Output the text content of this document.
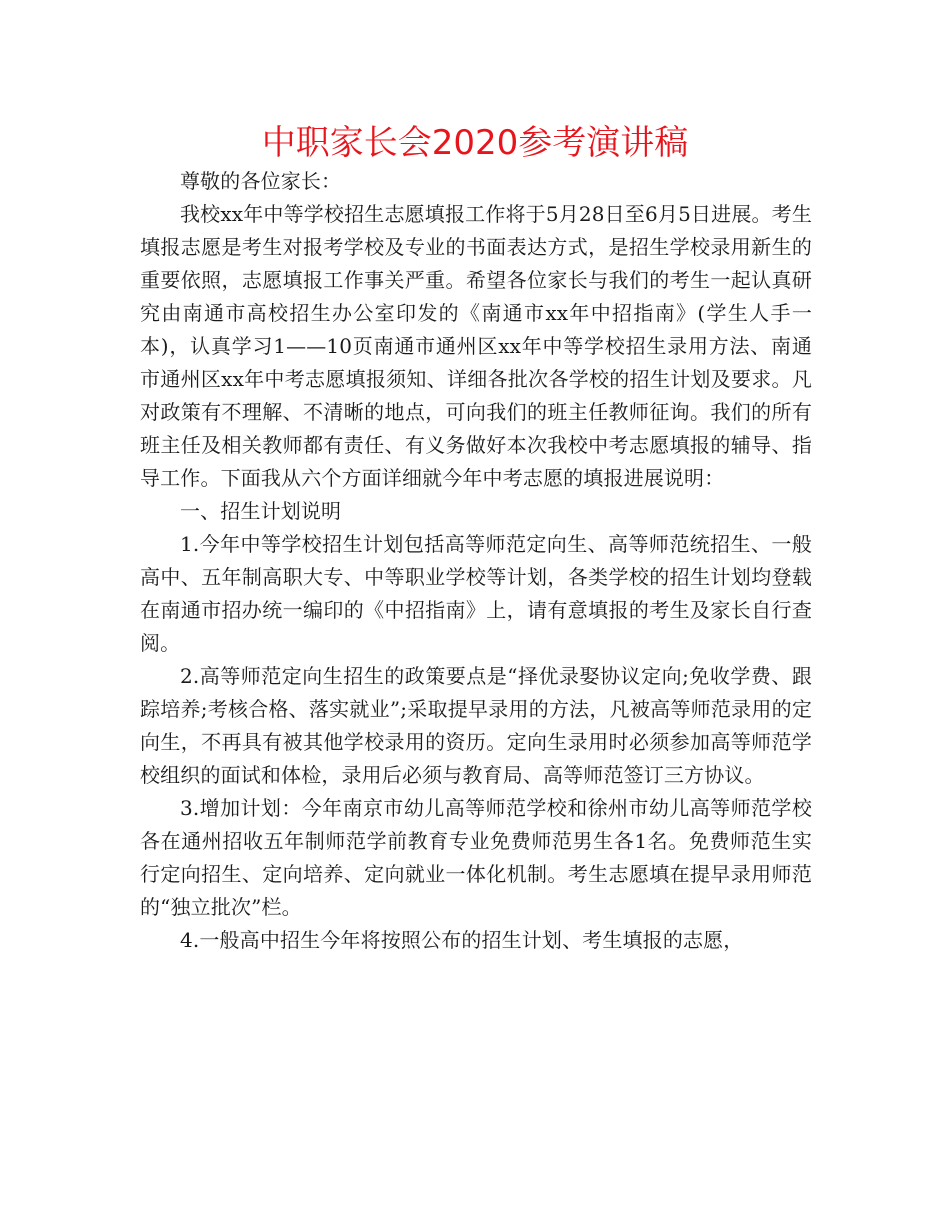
中职家长会2020参考演讲稿

尊敬的各位家长：

我校xx年中等学校招生志愿填报工作将于5月28日至6月5日进展。考生填报志愿是考生对报考学校及专业的书面表达方式，是招生学校录用新生的重要依照，志愿填报工作事关严重。希望各位家长与我们的考生一起认真研究由南通市高校招生办公室印发的《南通市xx年中招指南》(学生人手一本)，认真学习1——10页南通市通州区xx年中等学校招生录用方法、南通市通州区xx年中考志愿填报须知、详细各批次各学校的招生计划及要求。凡对政策有不理解、不清晰的地点，可向我们的班主任教师征询。我们的所有班主任及相关教师都有责任、有义务做好本次我校中考志愿填报的辅导、指导工作。下面我从六个方面详细就今年中考志愿的填报进展说明：

一、招生计划说明

1.今年中等学校招生计划包括高等师范定向生、高等师范统招生、一般高中、五年制高职大专、中等职业学校等计划，各类学校的招生计划均登载在南通市招办统一编印的《中招指南》上，请有意填报的考生及家长自行查阅。

2.高等师范定向生招生的政策要点是“择优录娶协议定向;免收学费、跟踪培养;考核合格、落实就业”;采取提早录用的方法，凡被高等师范录用的定向生，不再具有被其他学校录用的资历。定向生录用时必须参加高等师范学校组织的面试和体检，录用后必须与教育局、高等师范签订三方协议。

3.增加计划：今年南京市幼儿高等师范学校和徐州市幼儿高等师范学校各在通州招收五年制师范学前教育专业免费师范男生各1名。免费师范生实行定向招生、定向培养、定向就业一体化机制。考生志愿填在提早录用师范的“独立批次”栏。

4.一般高中招生今年将按照公布的招生计划、考生填报的志愿，
